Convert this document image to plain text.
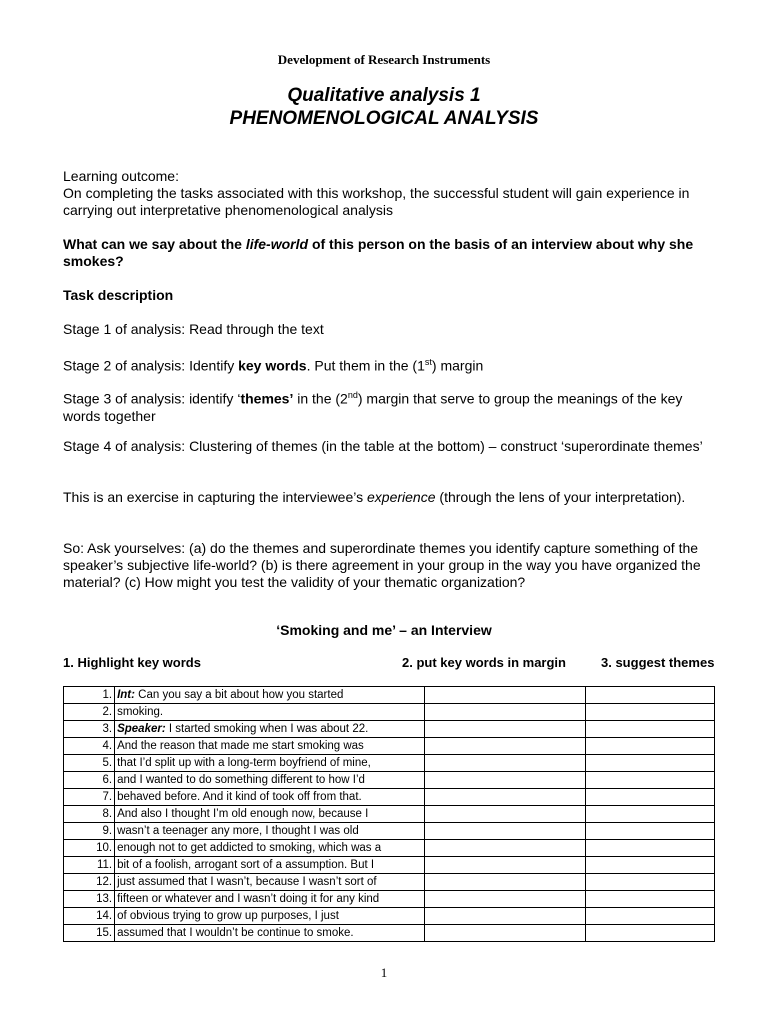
Development of Research Instruments
Qualitative analysis 1
PHENOMENOLOGICAL ANALYSIS
Learning outcome:
On completing the tasks associated with this workshop, the successful student will gain experience in carrying out interpretative phenomenological analysis
What can we say about the life-world of this person on the basis of an interview about why she smokes?
Task description
Stage 1 of analysis: Read through the text
Stage 2 of analysis: Identify key words. Put them in the (1st) margin
Stage 3 of analysis: identify ‘themes’ in the (2nd) margin that serve to group the meanings of the key words together
Stage 4 of analysis: Clustering of themes (in the table at the bottom) – construct ‘superordinate themes’
This is an exercise in capturing the interviewee’s experience (through the lens of your interpretation).
So: Ask yourselves: (a) do the themes and superordinate themes you identify capture something of the speaker’s subjective life-world? (b) is there agreement in your group in the way you have organized the material? (c) How might you test the validity of your thematic organization?
‘Smoking and me’ – an Interview
1. Highlight key words	2. put key words in margin	3. suggest themes
1.	Int: Can you say a bit about how you started		
2.	smoking.		
3.	Speaker: I started smoking when I was about 22.		
4.	And the reason that made me start smoking was		
5.	that I’d split up with a long-term boyfriend of mine,		
6.	and I wanted to do something different to how I’d		
7.	behaved before. And it kind of took off from that.		
8.	And also I thought I’m old enough now, because I		
9.	wasn’t a teenager any more, I thought I was old		
10.	enough not to get addicted to smoking, which was a		
11.	bit of a foolish, arrogant sort of a assumption. But I		
12.	just assumed that I wasn’t, because I wasn’t sort of		
13.	fifteen or whatever and I wasn’t doing it for any kind		
14.	of obvious trying to grow up purposes, I just		
15.	assumed that I wouldn’t be continue to smoke.		
1
